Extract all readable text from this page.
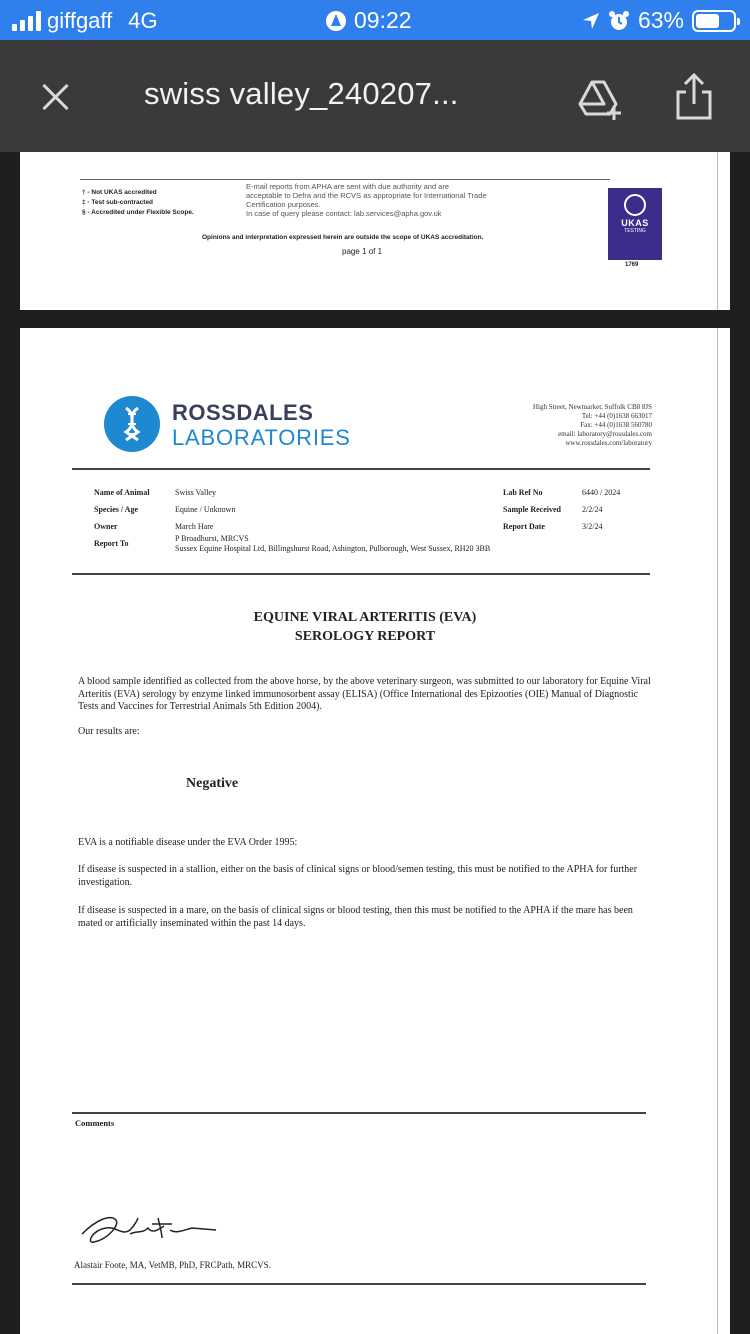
giffgaff 4G	09:22	63%
swiss valley_240207...
† - Not UKAS accredited
‡ - Test sub-contracted
§ - Accredited under Flexible Scope.
E-mail reports from APHA are sent with due authority and are
acceptable to Defra and the RCVS as appropriate for International Trade
Certification purposes.
In case of query please contact: lab.services@apha.gov.uk
Opinions and interpretation expressed herein are outside the scope of UKAS accreditation.
page 1 of 1
UKAS
TESTING
1769
ROSSDALES
LABORATORIES
High Street, Newmarket, Suffolk CB8 8JS
Tel: +44 (0)1638 663017
Fax: +44 (0)1638 560780
email: laboratory@rossdales.com
www.rossdales.com/laboratory
Name of Animal
Species / Age
Owner
Report To
Swiss Valley
Equine / Unknown
March Hare
P Broadhurst, MRCVS
Sussex Equine Hospital Ltd, Billingshurst Road, Ashington, Pulborough, West Sussex, RH20 3BB
Lab Ref No
Sample Received
Report Date
6440 / 2024
2/2/24
3/2/24
EQUINE VIRAL ARTERITIS (EVA)
SEROLOGY REPORT
A blood sample identified as collected from the above horse, by the above veterinary surgeon, was submitted to our laboratory for Equine Viral Arteritis (EVA) serology by enzyme linked immunosorbent assay (ELISA) (Office International des Epizooties (OIE) Manual of Diagnostic Tests and Vaccines for Terrestrial Animals 5th Edition 2004).
Our results are:
Negative
EVA is a notifiable disease under the EVA Order 1995:
If disease is suspected in a stallion, either on the basis of clinical signs or blood/semen testing, this must be notified to the APHA for further investigation.
If disease is suspected in a mare, on the basis of clinical signs or blood testing, then this must be notified to the APHA if the mare has been mated or artificially inseminated within the past 14 days.
Comments
Alastair Foote, MA, VetMB, PhD, FRCPath, MRCVS.
